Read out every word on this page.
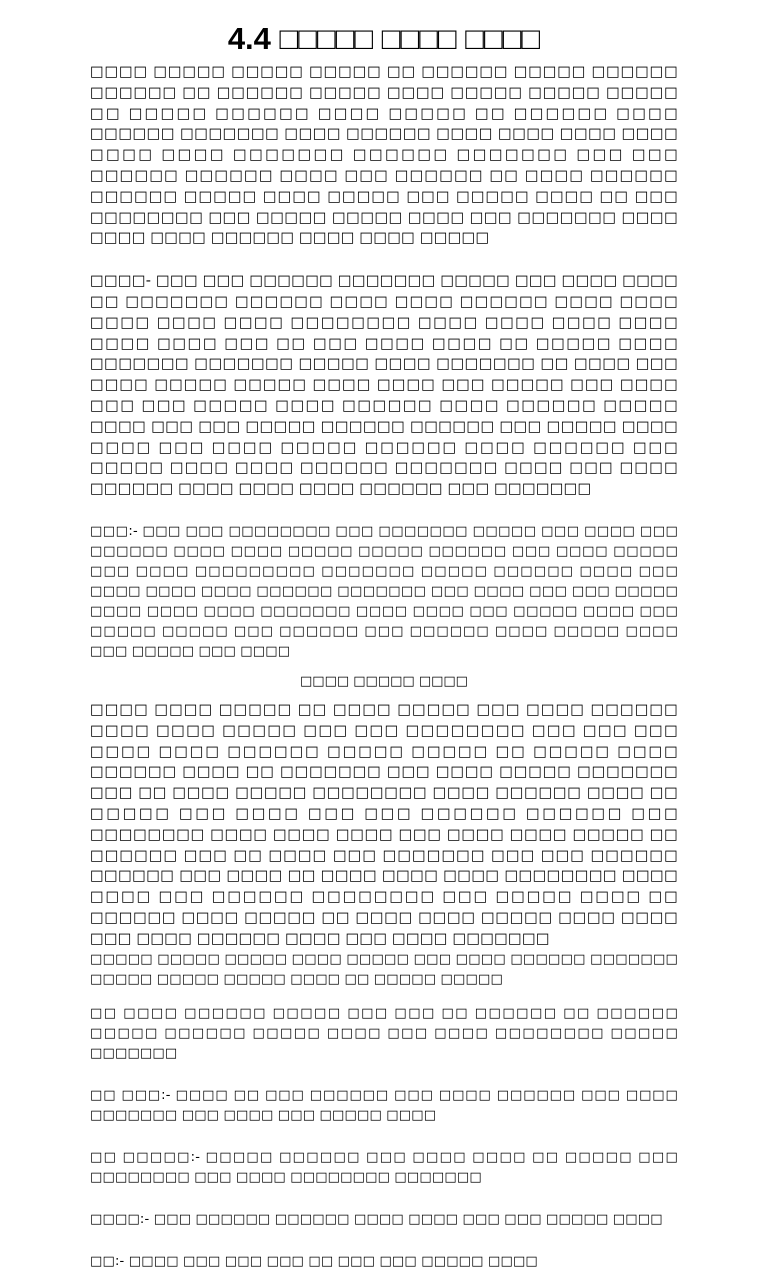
4.4 □□□□□ □□□□ □□□□

□□□□ □□□□□ □□□□□ □□□□□ □□ □□□□□□ □□□□□ □□□□□□ □□□□□□ □□ □□□□□□ □□□□□ □□□□ □□□□□ □□□□□ □□□□□ □□ □□□□□ □□□□□□ □□□□ □□□□□ □□ □□□□□□ □□□□ □□□□□□ □□□□□□□ □□□□ □□□□□□ □□□□ □□□□ □□□□ □□□□ □□□□ □□□□ □□□□□□□ □□□□□□ □□□□□□□ □□□ □□□ □□□□□□ □□□□□□ □□□□ □□□ □□□□□□ □□ □□□□ □□□□□□ □□□□□□ □□□□□ □□□□ □□□□□ □□□ □□□□□ □□□□ □□ □□□ □□□□□□□□ □□□ □□□□□ □□□□□ □□□□ □□□ □□□□□□□ □□□□ □□□□ □□□□ □□□□□□ □□□□ □□□□ □□□□□

□□□□- □□□ □□□ □□□□□□ □□□□□□□ □□□□□ □□□ □□□□ □□□□ □□ □□□□□□□ □□□□□□ □□□□ □□□□ □□□□□□ □□□□ □□□□ □□□□ □□□□ □□□□ □□□□□□□□ □□□□ □□□□ □□□□ □□□□ □□□□ □□□□ □□□ □□ □□□ □□□□ □□□□ □□ □□□□□ □□□□ □□□□□□□ □□□□□□□ □□□□□ □□□□ □□□□□□□ □□ □□□□ □□□ □□□□ □□□□□ □□□□□ □□□□ □□□□ □□□ □□□□□ □□□ □□□□ □□□ □□□ □□□□□ □□□□ □□□□□□ □□□□ □□□□□□ □□□□□ □□□□ □□□ □□□ □□□□□ □□□□□□ □□□□□□ □□□ □□□□□ □□□□ □□□□ □□□ □□□□ □□□□□ □□□□□□ □□□□ □□□□□□ □□□ □□□□□ □□□□ □□□□ □□□□□□ □□□□□□□ □□□□ □□□ □□□□ □□□□□□ □□□□ □□□□ □□□□ □□□□□□ □□□ □□□□□□□

□□□:- □□□ □□□ □□□□□□□□ □□□ □□□□□□□ □□□□□ □□□ □□□□ □□□ □□□□□□ □□□□ □□□□ □□□□□ □□□□□ □□□□□□ □□□ □□□□ □□□□□ □□□ □□□□ □□□□□□□□□ □□□□□□□ □□□□□ □□□□□□ □□□□ □□□ □□□□ □□□□ □□□□ □□□□□□ □□□□□□□ □□□ □□□□ □□□ □□□ □□□□□ □□□□ □□□□ □□□□ □□□□□□□ □□□□ □□□□ □□□ □□□□□ □□□□ □□□ □□□□□ □□□□□ □□□ □□□□□□ □□□ □□□□□□ □□□□ □□□□□ □□□□ □□□ □□□□□ □□□ □□□□

□□□□ □□□□□ □□□□

□□□□ □□□□ □□□□□ □□ □□□□ □□□□□ □□□ □□□□ □□□□□□ □□□□ □□□□ □□□□□ □□□ □□□ □□□□□□□□ □□□ □□□ □□□ □□□□ □□□□ □□□□□□ □□□□□ □□□□□ □□ □□□□□ □□□□ □□□□□□ □□□□ □□ □□□□□□□ □□□ □□□□ □□□□□ □□□□□□□ □□□ □□ □□□□ □□□□□ □□□□□□□□ □□□□ □□□□□□ □□□□ □□ □□□□□ □□□ □□□□ □□□ □□□ □□□□□□ □□□□□□ □□□ □□□□□□□□ □□□□ □□□□ □□□□ □□□ □□□□ □□□□ □□□□□ □□ □□□□□□ □□□ □□ □□□□ □□□ □□□□□□□ □□□ □□□ □□□□□□ □□□□□□ □□□ □□□□ □□ □□□□ □□□□ □□□□ □□□□□□□□ □□□□ □□□□ □□□ □□□□□□ □□□□□□□□ □□□ □□□□□ □□□□ □□ □□□□□□ □□□□ □□□□□ □□ □□□□ □□□□ □□□□□ □□□□ □□□□ □□□ □□□□ □□□□□□ □□□□ □□□ □□□□ □□□□□□□

□□□□□ □□□□□ □□□□□ □□□□ □□□□□ □□□ □□□□ □□□□□□ □□□□□□□ □□□□□ □□□□□ □□□□□ □□□□ □□ □□□□□ □□□□□

□□ □□□□ □□□□□□ □□□□□ □□□ □□□ □□ □□□□□□ □□ □□□□□□ □□□□□ □□□□□□ □□□□□ □□□□ □□□ □□□□ □□□□□□□□ □□□□□ □□□□□□□

□□ □□□:- □□□□ □□ □□□ □□□□□□ □□□ □□□□ □□□□□□ □□□ □□□□ □□□□□□□ □□□ □□□□ □□□ □□□□□ □□□□

□□ □□□□□:- □□□□□ □□□□□□ □□□ □□□□ □□□□ □□ □□□□□ □□□ □□□□□□□□ □□□ □□□□ □□□□□□□□ □□□□□□□

□□□□:- □□□ □□□□□□ □□□□□□ □□□□ □□□□ □□□ □□□ □□□□□ □□□□

□□:- □□□□ □□□ □□□ □□□ □□ □□□ □□□ □□□□□ □□□□
